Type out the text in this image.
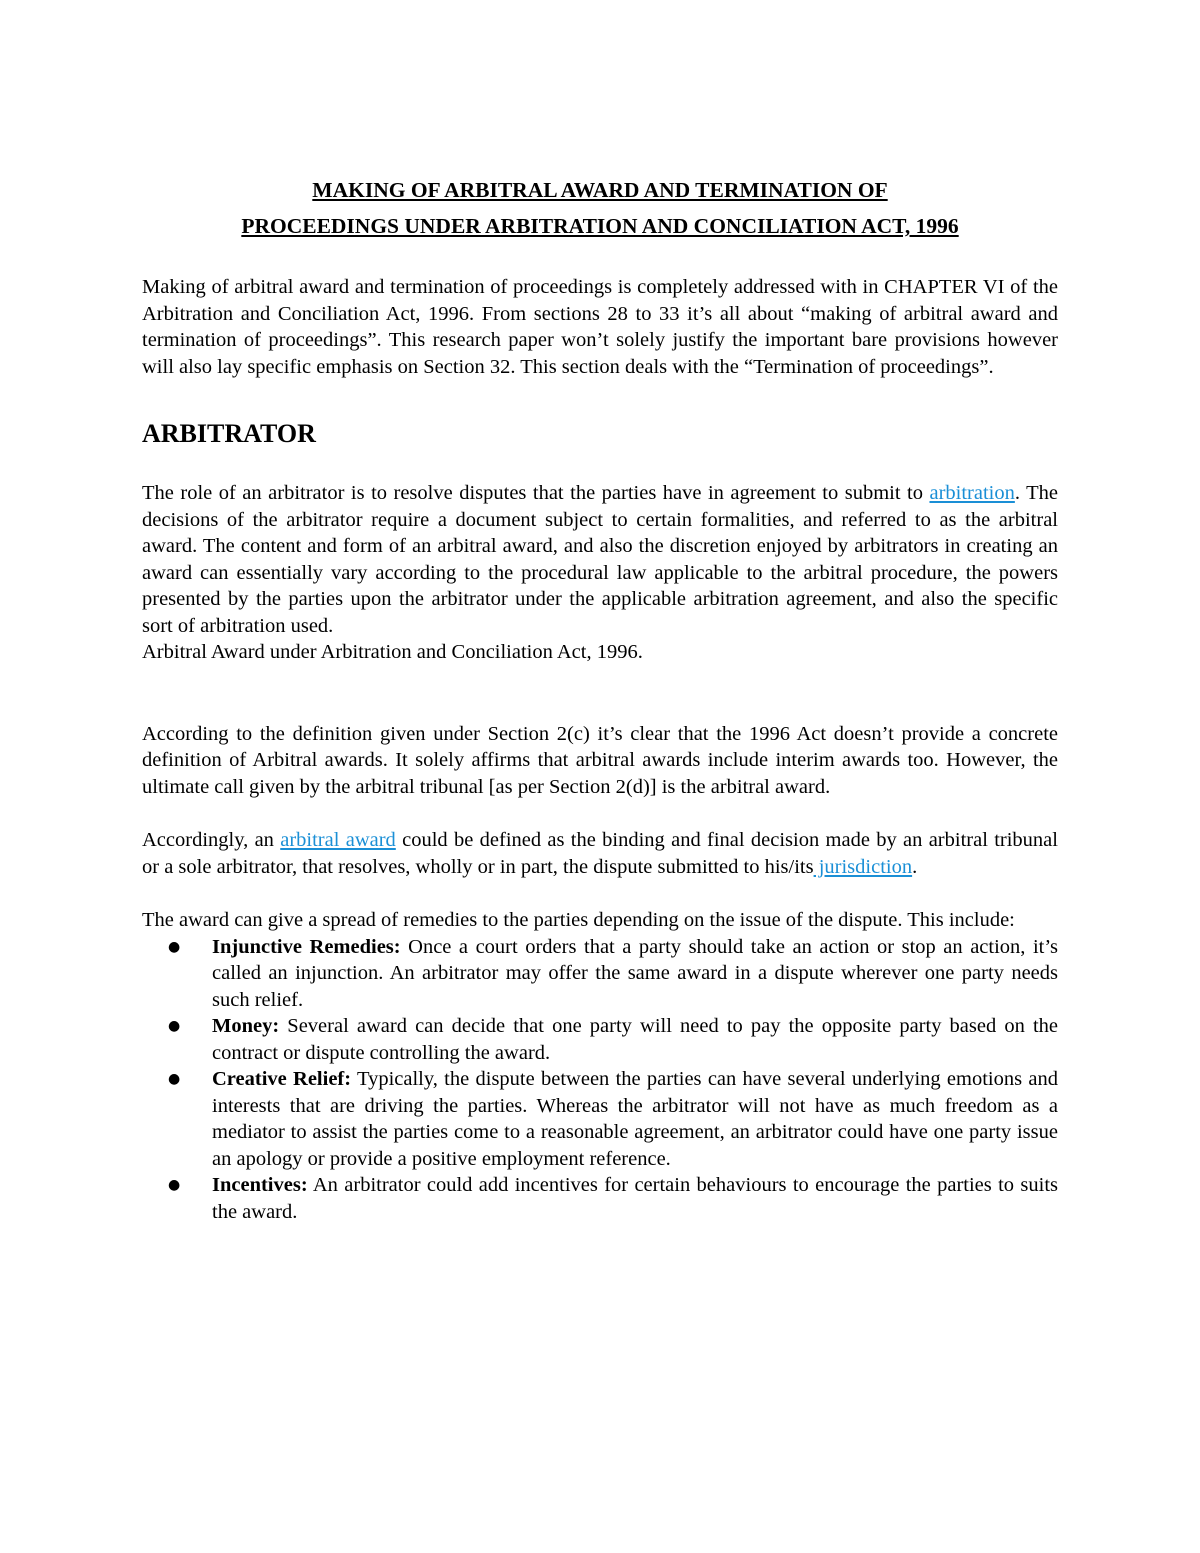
MAKING OF ARBITRAL AWARD AND TERMINATION OF
PROCEEDINGS UNDER ARBITRATION AND CONCILIATION ACT, 1996

Making of arbitral award and termination of proceedings is completely addressed with in CHAPTER VI of the Arbitration and Conciliation Act, 1996. From sections 28 to 33 it’s all about “making of arbitral award and termination of proceedings”. This research paper won’t solely justify the important bare provisions however will also lay specific emphasis on Section 32. This section deals with the “Termination of proceedings”.

ARBITRATOR

The role of an arbitrator is to resolve disputes that the parties have in agreement to submit to arbitration. The decisions of the arbitrator require a document subject to certain formalities, and referred to as the arbitral award. The content and form of an arbitral award, and also the discretion enjoyed by arbitrators in creating an award can essentially vary according to the procedural law applicable to the arbitral procedure, the powers presented by the parties upon the arbitrator under the applicable arbitration agreement, and also the specific sort of arbitration used.

Arbitral Award under Arbitration and Conciliation Act, 1996.

According to the definition given under Section 2(c) it’s clear that the 1996 Act doesn’t provide a concrete definition of Arbitral awards. It solely affirms that arbitral awards include interim awards too. However, the ultimate call given by the arbitral tribunal [as per Section 2(d)] is the arbitral award.

Accordingly, an arbitral award could be defined as the binding and final decision made by an arbitral tribunal or a sole arbitrator, that resolves, wholly or in part, the dispute submitted to his/its jurisdiction.

The award can give a spread of remedies to the parties depending on the issue of the dispute. This include:

● Injunctive Remedies: Once a court orders that a party should take an action or stop an action, it’s called an injunction. An arbitrator may offer the same award in a dispute wherever one party needs such relief.
● Money: Several award can decide that one party will need to pay the opposite party based on the contract or dispute controlling the award.
● Creative Relief: Typically, the dispute between the parties can have several underlying emotions and interests that are driving the parties. Whereas the arbitrator will not have as much freedom as a mediator to assist the parties come to a reasonable agreement, an arbitrator could have one party issue an apology or provide a positive employment reference.
● Incentives: An arbitrator could add incentives for certain behaviours to encourage the parties to suits the award.
